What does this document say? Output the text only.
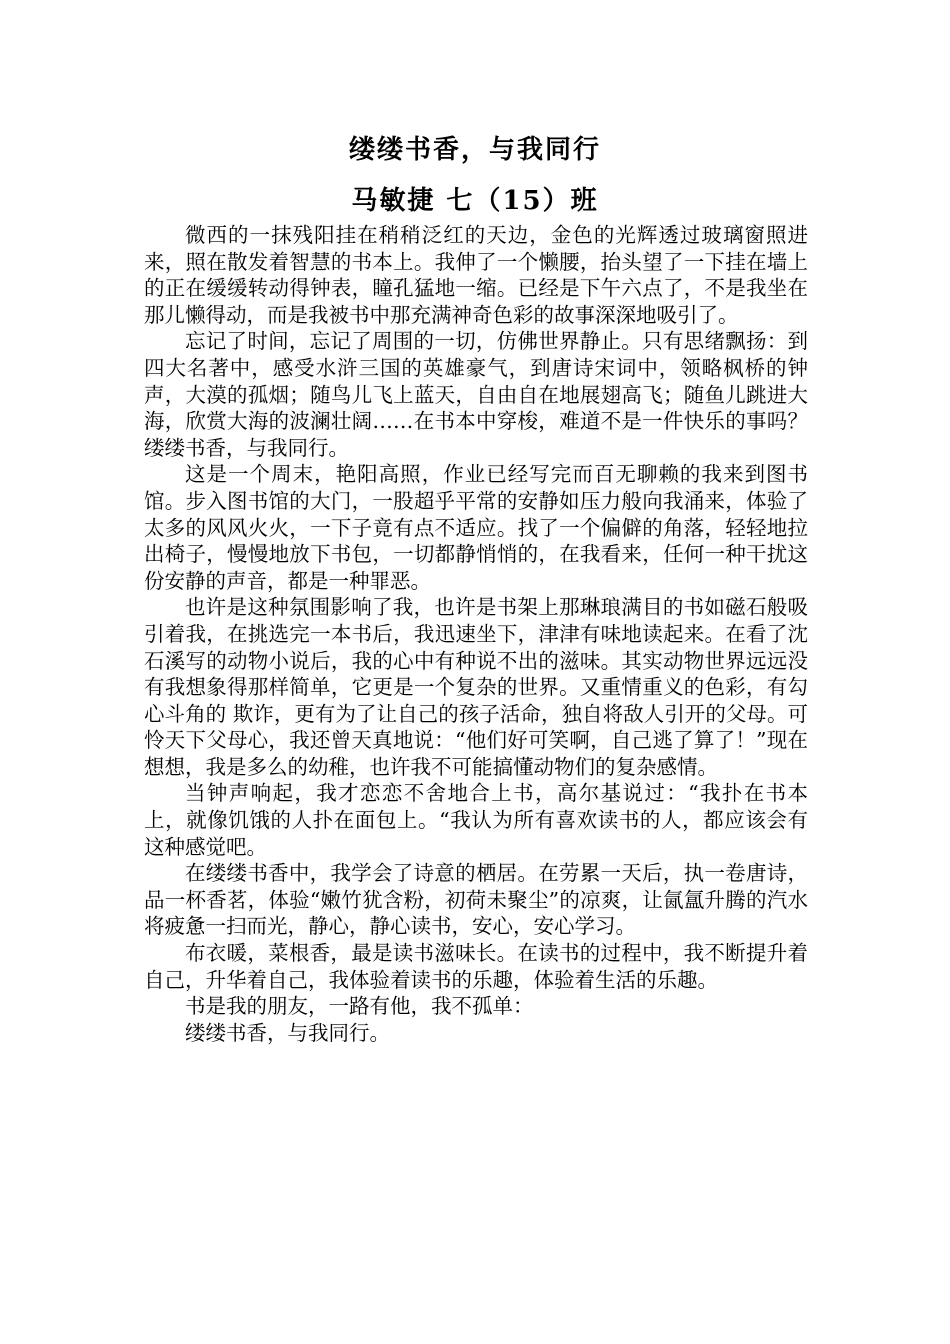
缕缕书香，与我同行
马敏捷 七（15）班

微西的一抹残阳挂在稍稍泛红的天边，金色的光辉透过玻璃窗照进来，照在散发着智慧的书本上。我伸了一个懒腰，抬头望了一下挂在墙上的正在缓缓转动得钟表，瞳孔猛地一缩。已经是下午六点了，不是我坐在那儿懒得动，而是我被书中那充满神奇色彩的故事深深地吸引了。

忘记了时间，忘记了周围的一切，仿佛世界静止。只有思绪飘扬：到四大名著中，感受水浒三国的英雄豪气，到唐诗宋词中，领略枫桥的钟声，大漠的孤烟；随鸟儿飞上蓝天，自由自在地展翅高飞；随鱼儿跳进大海，欣赏大海的波澜壮阔……在书本中穿梭，难道不是一件快乐的事吗？缕缕书香，与我同行。

这是一个周末，艳阳高照，作业已经写完而百无聊赖的我来到图书馆。步入图书馆的大门，一股超乎平常的安静如压力般向我涌来，体验了太多的风风火火，一下子竟有点不适应。找了一个偏僻的角落，轻轻地拉出椅子，慢慢地放下书包，一切都静悄悄的，在我看来，任何一种干扰这份安静的声音，都是一种罪恶。

也许是这种氛围影响了我，也许是书架上那琳琅满目的书如磁石般吸引着我，在挑选完一本书后，我迅速坐下，津津有味地读起来。在看了沈石溪写的动物小说后，我的心中有种说不出的滋味。其实动物世界远远没有我想象得那样简单，它更是一个复杂的世界。又重情重义的色彩，有勾心斗角的 欺诈，更有为了让自己的孩子活命，独自将敌人引开的父母。可怜天下父母心，我还曾天真地说：“他们好可笑啊，自己逃了算了！”现在想想，我是多么的幼稚，也许我不可能搞懂动物们的复杂感情。

当钟声响起，我才恋恋不舍地合上书，高尔基说过：“我扑在书本上，就像饥饿的人扑在面包上。“我认为所有喜欢读书的人，都应该会有这种感觉吧。

在缕缕书香中，我学会了诗意的栖居。在劳累一天后，执一卷唐诗，品一杯香茗，体验“嫩竹犹含粉，初荷未聚尘”的凉爽，让氤氲升腾的汽水将疲惫一扫而光，静心，静心读书，安心，安心学习。

布衣暖，菜根香，最是读书滋味长。在读书的过程中，我不断提升着自己，升华着自己，我体验着读书的乐趣，体验着生活的乐趣。

书是我的朋友，一路有他，我不孤单：

缕缕书香，与我同行。
